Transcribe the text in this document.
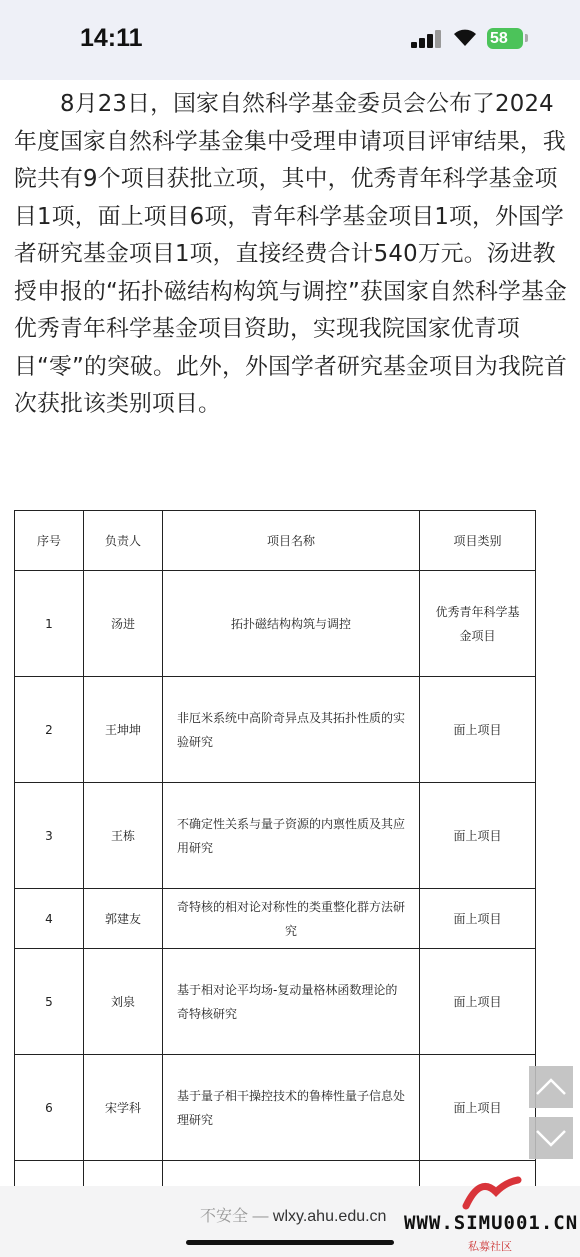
14:11	58
8月23日，国家自然科学基金委员会公布了2024年度国家自然科学基金集中受理申请项目评审结果，我院共有9个项目获批立项，其中，优秀青年科学基金项目1项，面上项目6项，青年科学基金项目1项，外国学者研究基金项目1项，直接经费合计540万元。汤进教授申报的“拓扑磁结构构筑与调控”获国家自然科学基金优秀青年科学基金项目资助，实现我院国家优青项目“零”的突破。此外，外国学者研究基金项目为我院首次获批该类别项目。
序号	负责人	项目名称	项目类别
1	汤进	拓扑磁结构构筑与调控	优秀青年科学基金项目
2	王坤坤	非厄米系统中高阶奇异点及其拓扑性质的实验研究	面上项目
3	王栋	不确定性关系与量子资源的内禀性质及其应用研究	面上项目
4	郭建友	奇特核的相对论对称性的类重整化群方法研究	面上项目
5	刘泉	基于相对论平均场-复动量格林函数理论的奇特核研究	面上项目
6	宋学科	基于量子相干操控技术的鲁棒性量子信息处理研究	面上项目

不安全 — wlxy.ahu.edu.cn WWW.SIMU001.CN
私募社区
